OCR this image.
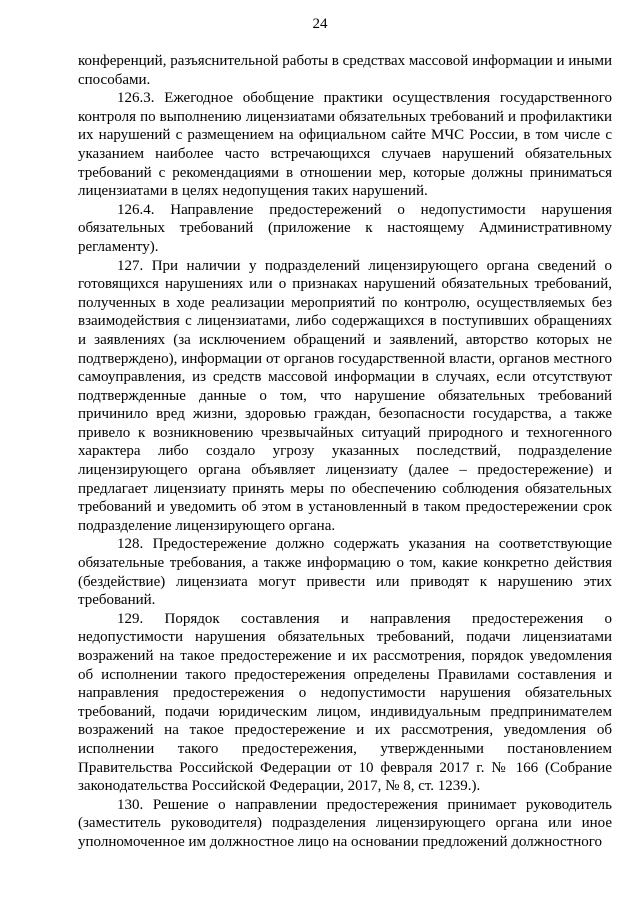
24

конференций, разъяснительной работы в средствах массовой информации и иными способами.

126.3. Ежегодное обобщение практики осуществления государственного контроля по выполнению лицензиатами обязательных требований и профилактики их нарушений с размещением на официальном сайте МЧС России, в том числе с указанием наиболее часто встречающихся случаев нарушений обязательных требований с рекомендациями в отношении мер, которые должны приниматься лицензиатами в целях недопущения таких нарушений.

126.4. Направление предостережений о недопустимости нарушения обязательных требований (приложение к настоящему Административному регламенту).

127. При наличии у подразделений лицензирующего органа сведений о готовящихся нарушениях или о признаках нарушений обязательных требований, полученных в ходе реализации мероприятий по контролю, осуществляемых без взаимодействия с лицензиатами, либо содержащихся в поступивших обращениях и заявлениях (за исключением обращений и заявлений, авторство которых не подтверждено), информации от органов государственной власти, органов местного самоуправления, из средств массовой информации в случаях, если отсутствуют подтвержденные данные о том, что нарушение обязательных требований причинило вред жизни, здоровью граждан, безопасности государства, а также привело к возникновению чрезвычайных ситуаций природного и техногенного характера либо создало угрозу указанных последствий, подразделение лицензирующего органа объявляет лицензиату (далее – предостережение) и предлагает лицензиату принять меры по обеспечению соблюдения обязательных требований и уведомить об этом в установленный в таком предостережении срок подразделение лицензирующего органа.

128. Предостережение должно содержать указания на соответствующие обязательные требования, а также информацию о том, какие конкретно действия (бездействие) лицензиата могут привести или приводят к нарушению этих требований.

129. Порядок составления и направления предостережения о недопустимости нарушения обязательных требований, подачи лицензиатами возражений на такое предостережение и их рассмотрения, порядок уведомления об исполнении такого предостережения определены Правилами составления и направления предостережения о недопустимости нарушения обязательных требований, подачи юридическим лицом, индивидуальным предпринимателем возражений на такое предостережение и их рассмотрения, уведомления об исполнении такого предостережения, утвержденными постановлением Правительства Российской Федерации от 10 февраля 2017 г. № 166 (Собрание законодательства Российской Федерации, 2017, № 8, ст. 1239.).

130. Решение о направлении предостережения принимает руководитель (заместитель руководителя) подразделения лицензирующего органа или иное уполномоченное им должностное лицо на основании предложений должностного
